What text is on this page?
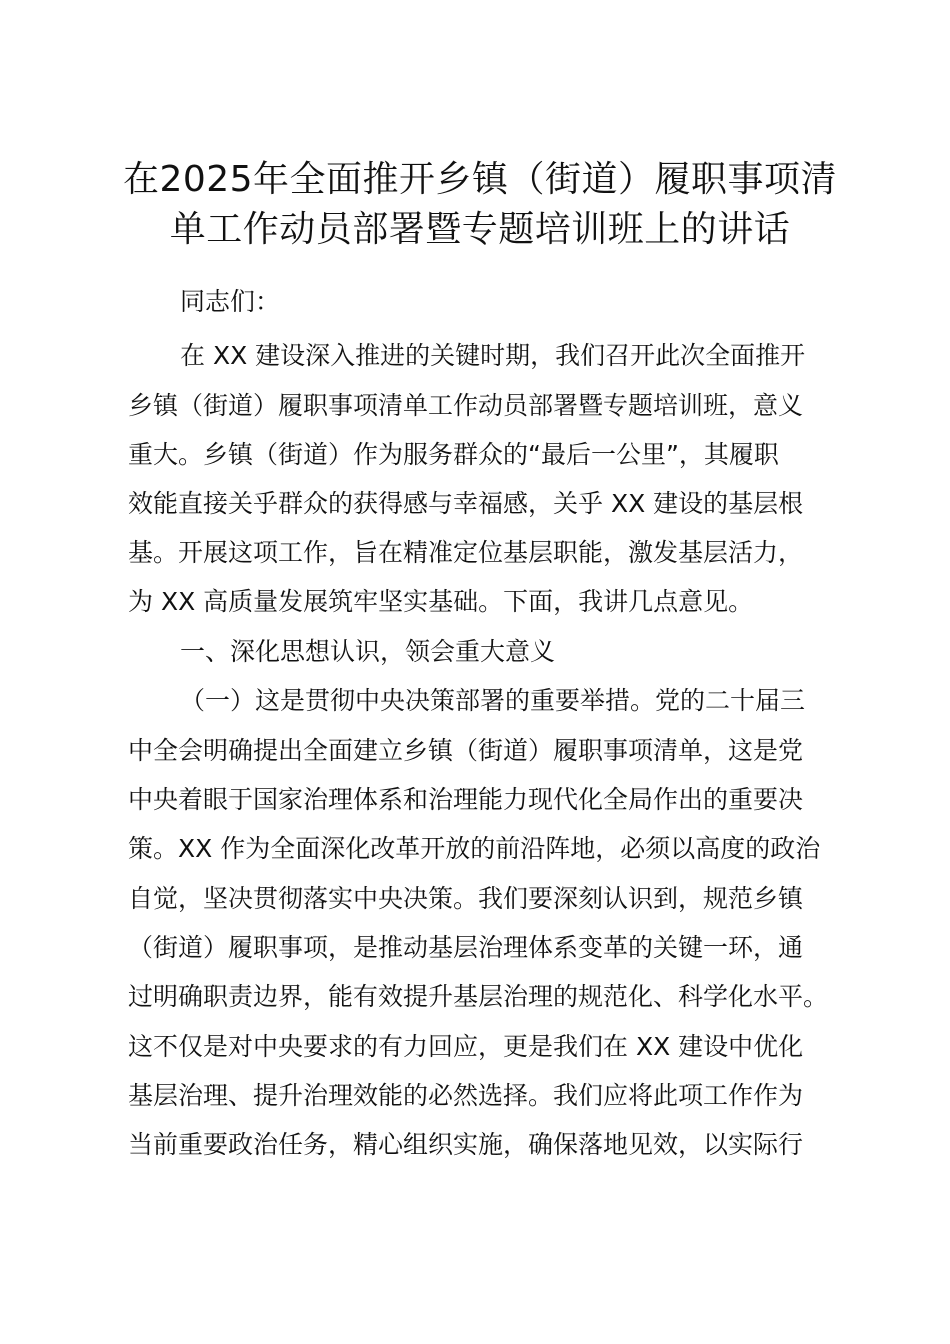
在2025年全面推开乡镇（街道）履职事项清
单工作动员部署暨专题培训班上的讲话

同志们：

在 XX 建设深入推进的关键时期，我们召开此次全面推开

乡镇（街道）履职事项清单工作动员部署暨专题培训班，意义

重大。乡镇（街道）作为服务群众的“最后一公里”，其履职

效能直接关乎群众的获得感与幸福感，关乎 XX 建设的基层根

基。开展这项工作，旨在精准定位基层职能，激发基层活力，

为 XX 高质量发展筑牢坚实基础。下面，我讲几点意见。

一、深化思想认识，领会重大意义

（一）这是贯彻中央决策部署的重要举措。党的二十届三

中全会明确提出全面建立乡镇（街道）履职事项清单，这是党

中央着眼于国家治理体系和治理能力现代化全局作出的重要决

策。XX 作为全面深化改革开放的前沿阵地，必须以高度的政治

自觉，坚决贯彻落实中央决策。我们要深刻认识到，规范乡镇

（街道）履职事项，是推动基层治理体系变革的关键一环，通

过明确职责边界，能有效提升基层治理的规范化、科学化水平。

这不仅是对中央要求的有力回应，更是我们在 XX 建设中优化

基层治理、提升治理效能的必然选择。我们应将此项工作作为

当前重要政治任务，精心组织实施，确保落地见效，以实际行
